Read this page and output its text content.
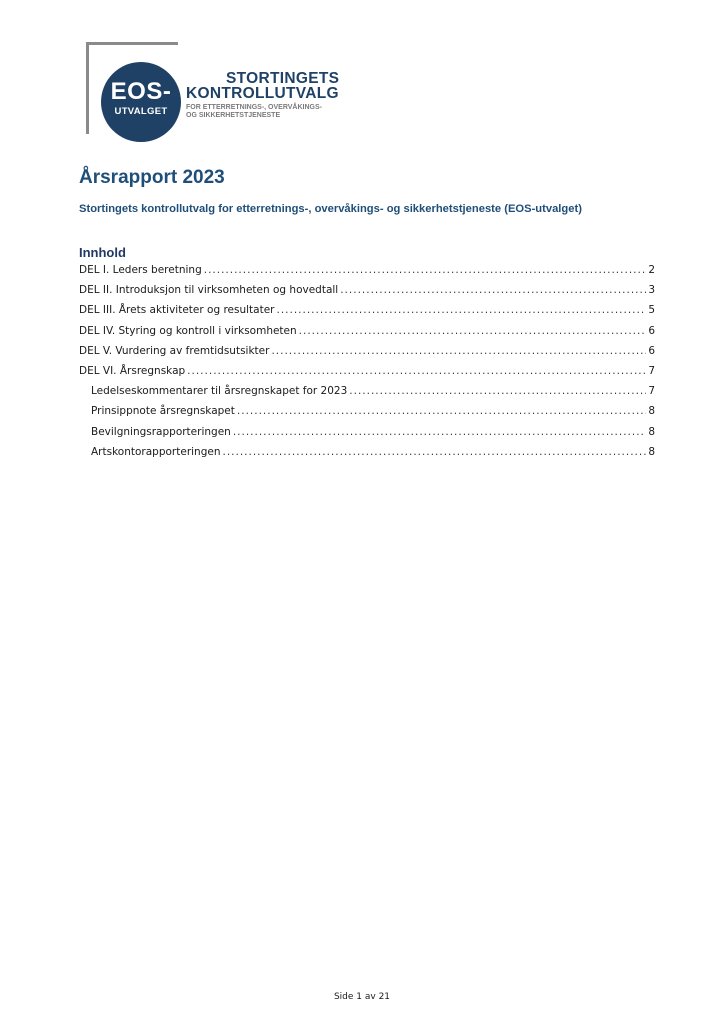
EOS-
UTVALGET
STORTINGETS
KONTROLLUTVALG
FOR ETTERRETNINGS-, OVERVÅKINGS-
OG SIKKERHETSTJENESTE
Årsrapport 2023

Stortingets kontrollutvalg for etterretnings-, overvåkings- og sikkerhetstjeneste (EOS-utvalget)

Innhold
DEL I. Leders beretning .....	2
DEL II. Introduksjon til virksomheten og hovedtall .....	3
DEL III. Årets aktiviteter og resultater .....	5
DEL IV. Styring og kontroll i virksomheten .....	6
DEL V. Vurdering av fremtidsutsikter .....	6
DEL VI. Årsregnskap .....	7
Ledelseskommentarer til årsregnskapet for 2023 .....	7
Prinsippnote årsregnskapet .....	8
Bevilgningsrapporteringen .....	8
Artskontorapporteringen .....	8
Side 1 av 21
